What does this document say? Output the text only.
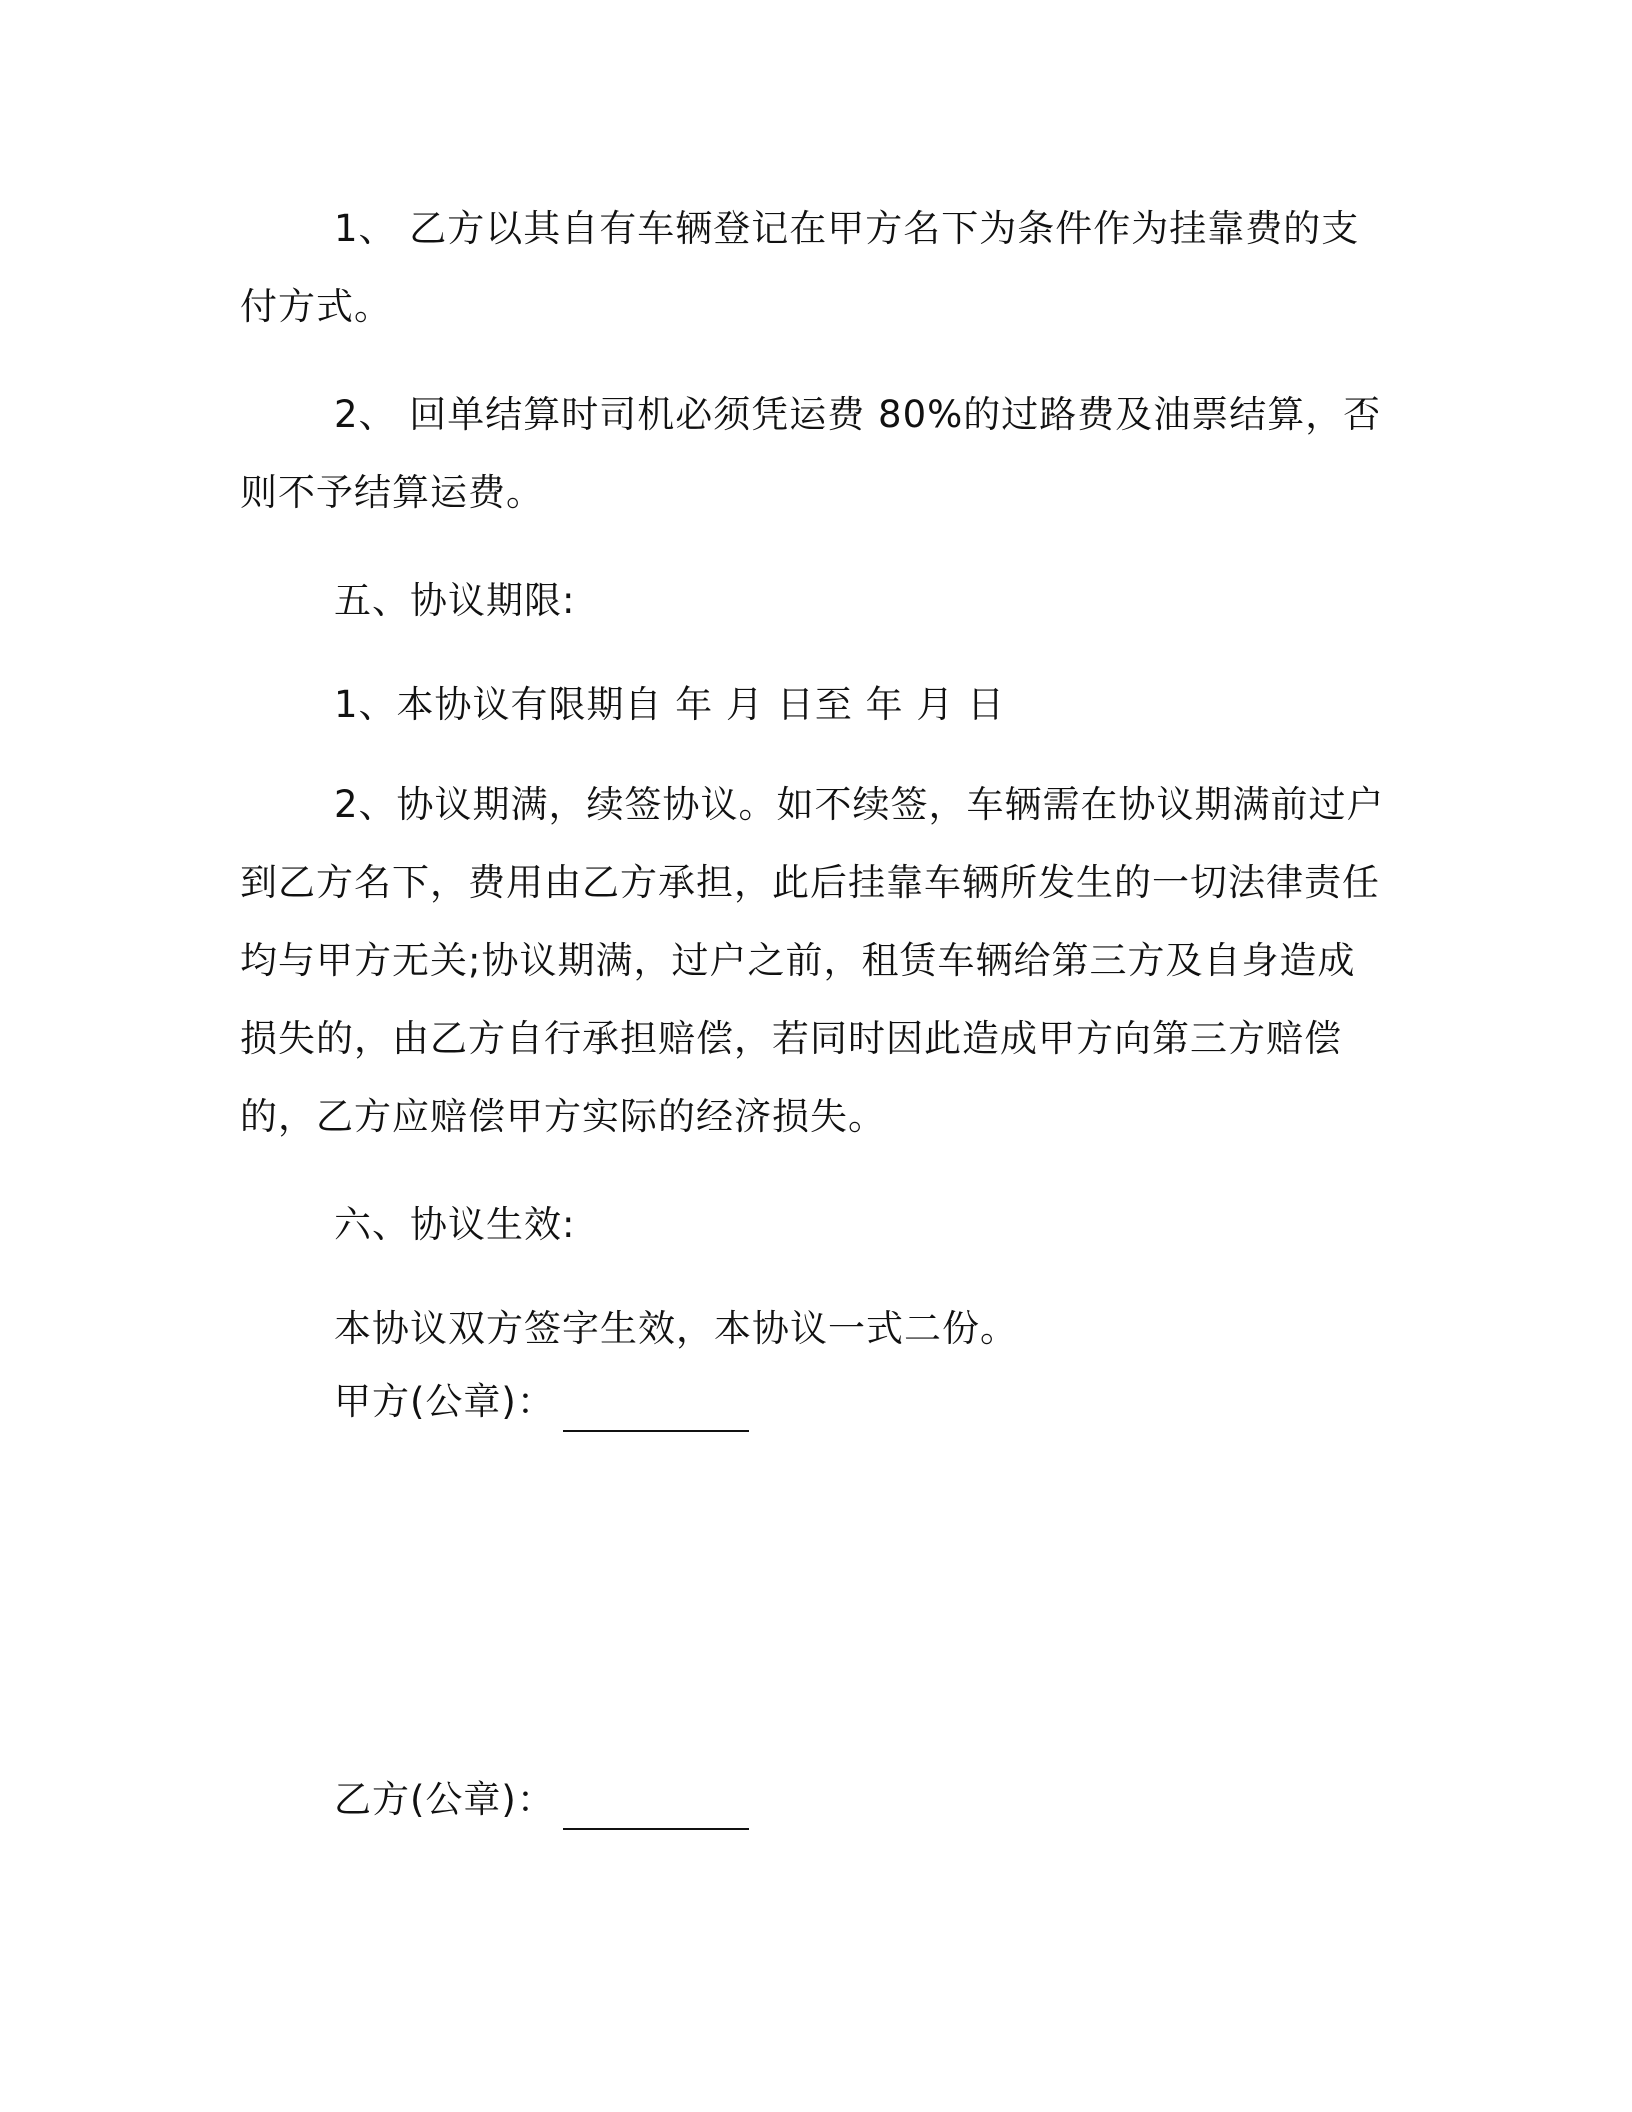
1、 乙方以其自有车辆登记在甲方名下为条件作为挂靠费的支付方式。

2、 回单结算时司机必须凭运费 80%的过路费及油票结算，否则不予结算运费。

五、协议期限:

1、本协议有限期自 年 月 日至 年 月 日

2、协议期满，续签协议。如不续签，车辆需在协议期满前过户到乙方名下，费用由乙方承担，此后挂靠车辆所发生的一切法律责任均与甲方无关;协议期满，过户之前，租赁车辆给第三方及自身造成损失的，由乙方自行承担赔偿，若同时因此造成甲方向第三方赔偿的，乙方应赔偿甲方实际的经济损失。

六、协议生效:

本协议双方签字生效，本协议一式二份。

甲方(公章)：
乙方(公章)：
